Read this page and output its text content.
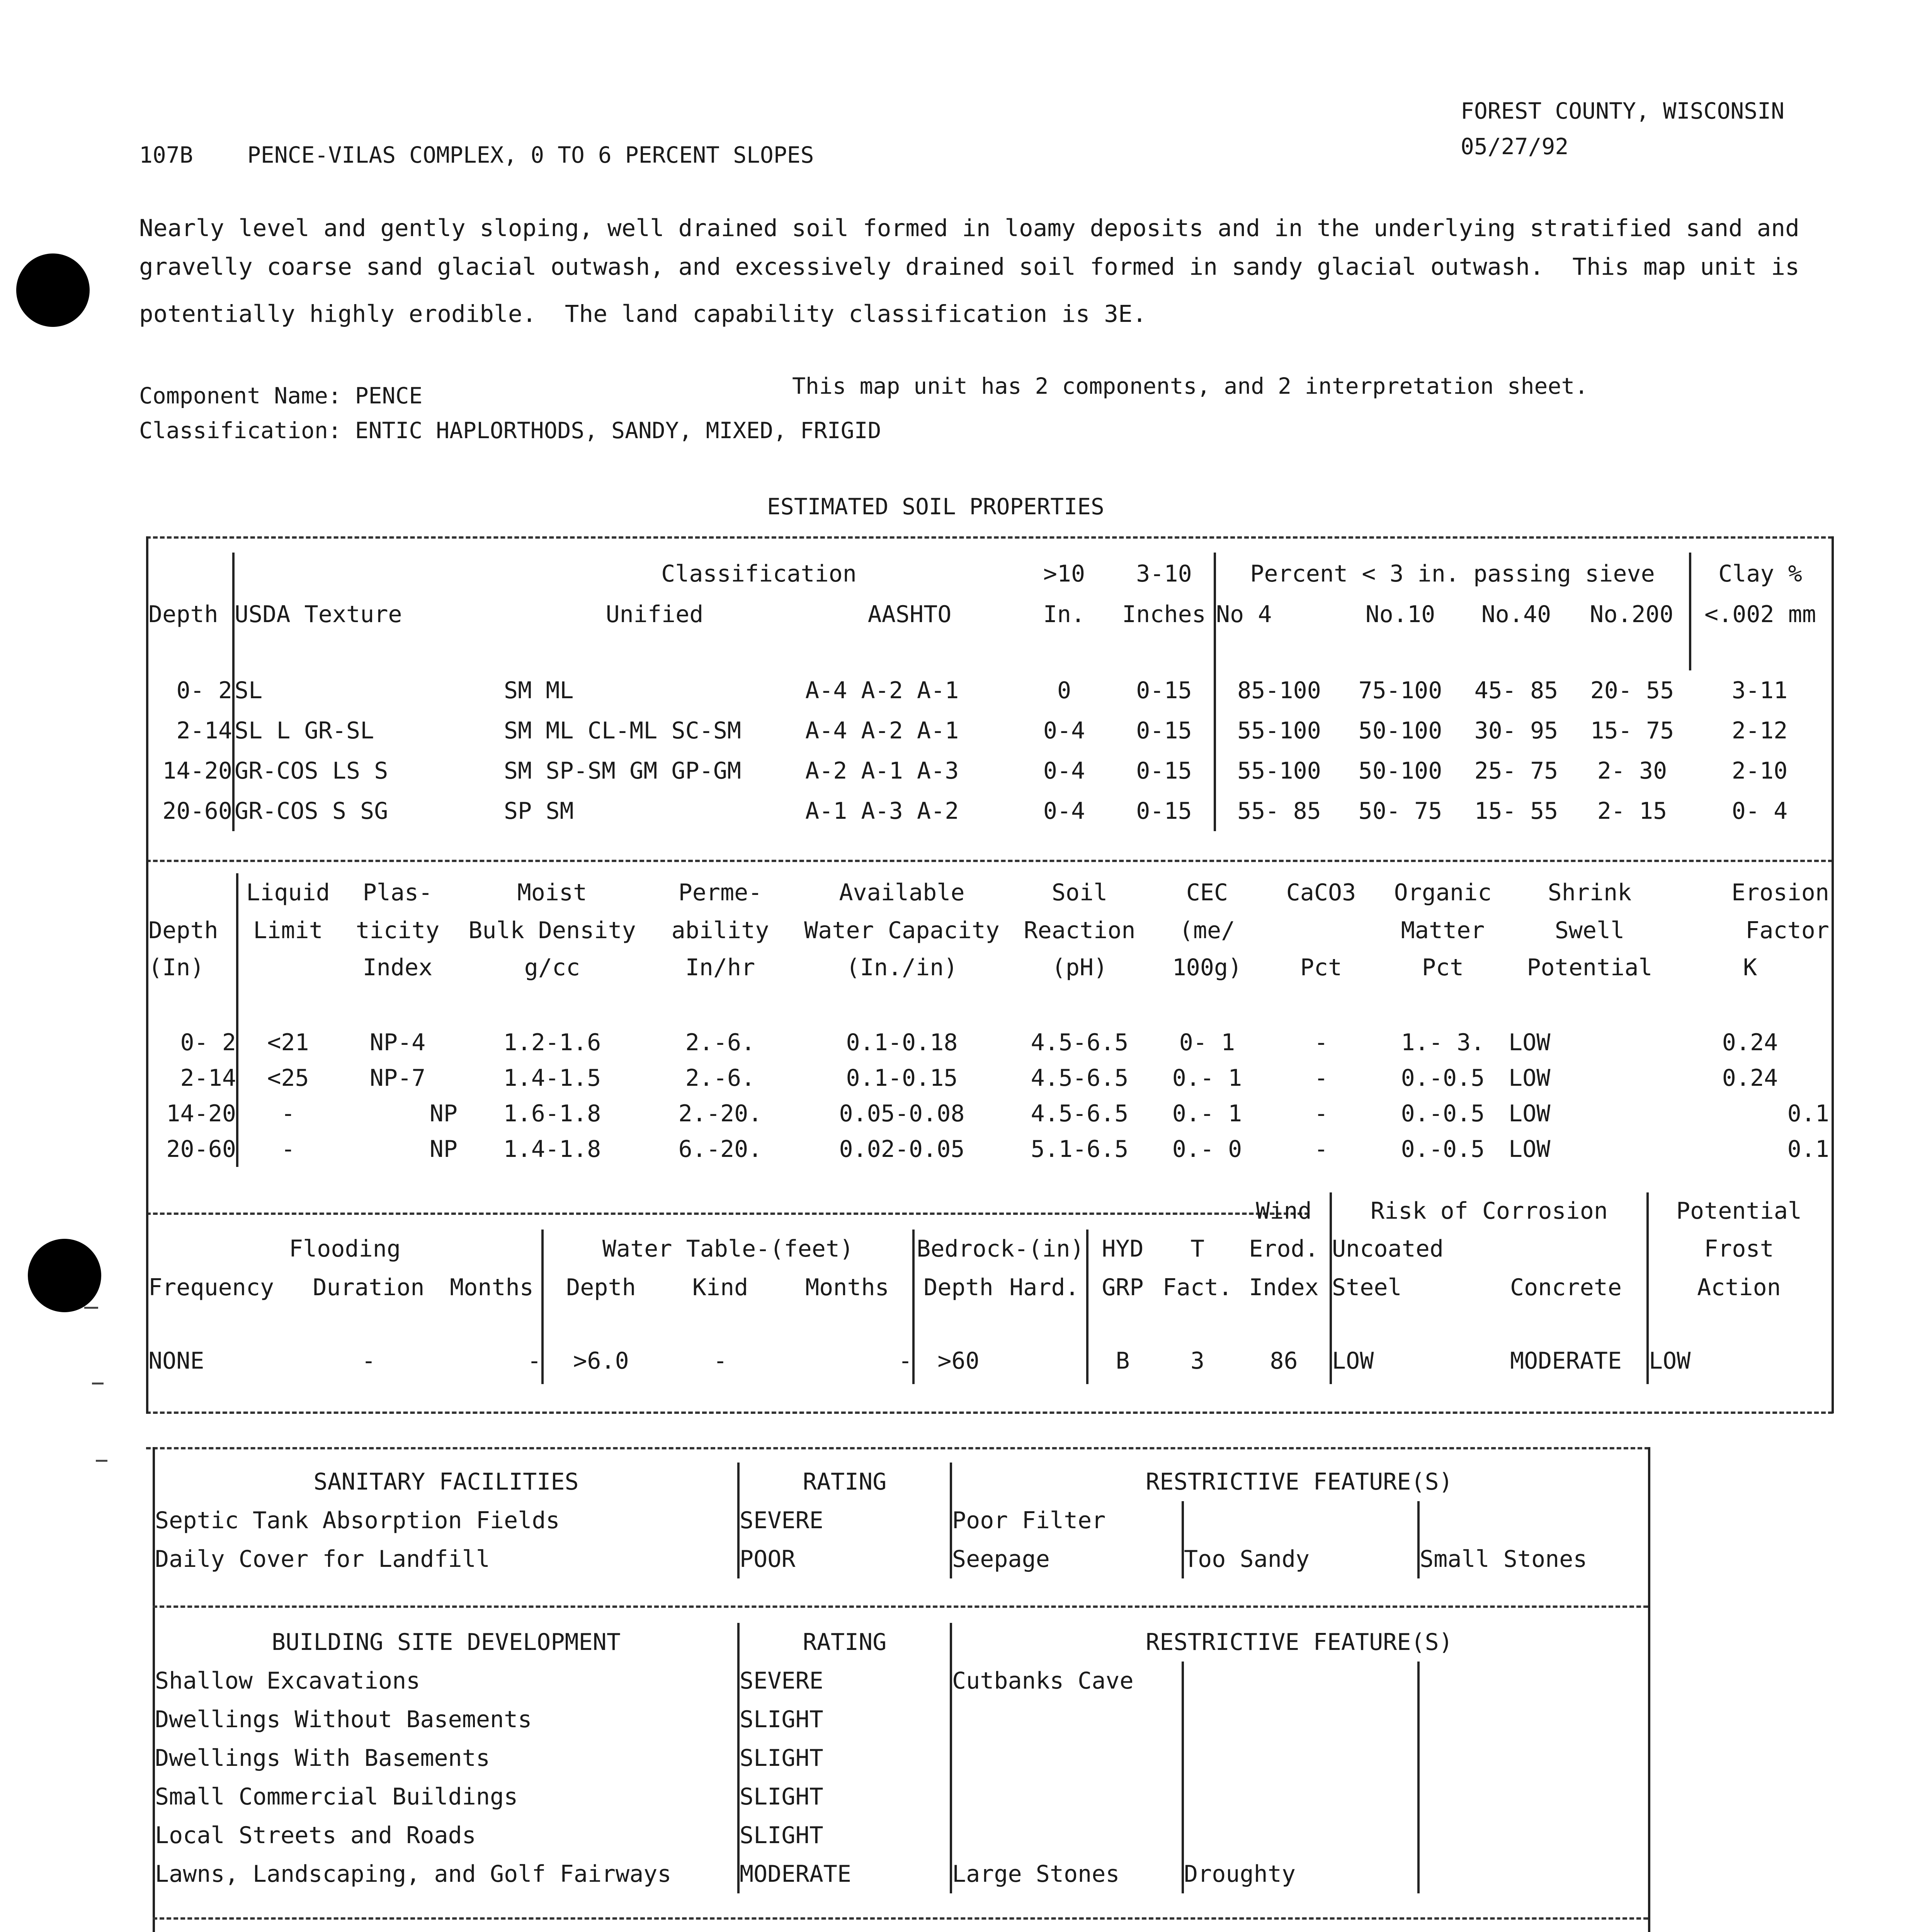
FOREST COUNTY, WISCONSIN
05/27/92
107B PENCE-VILAS COMPLEX, 0 TO 6 PERCENT SLOPES
Nearly level and gently sloping, well drained soil formed in loamy deposits and in the underlying stratified sand and
gravelly coarse sand glacial outwash, and excessively drained soil formed in sandy glacial outwash.  This map unit is
potentially highly erodible.  The land capability classification is 3E.
Component Name: PENCE	This map unit has 2 components, and 2 interpretation sheet.
Classification: ENTIC HAPLORTHODS, SANDY, MIXED, FRIGID
ESTIMATED SOIL PROPERTIES
		Classification		>10	3-10	Percent < 3 in. passing sieve				Clay %
Depth	USDA Texture	Unified	AASHTO	In.	Inches	No 4	No.10	No.40	No.200	<.002 mm

0- 2	SL	SM ML	A-4 A-2 A-1	0	0-15	85-100	75-100	45- 85	20- 55	3-11
2-14	SL L GR-SL	SM ML CL-ML SC-SM	A-4 A-2 A-1	0-4	0-15	55-100	50-100	30- 95	15- 75	2-12
14-20	GR-COS LS S	SM SP-SM GM GP-GM	A-2 A-1 A-3	0-4	0-15	55-100	50-100	25- 75	2- 30	2-10
20-60	GR-COS S SG	SP SM	A-1 A-3 A-2	0-4	0-15	55- 85	50- 75	15- 55	2- 15	0- 4
	Liquid	Plas-	Moist	Perme-	Available	Soil	CEC	CaCO3	Organic	Shrink	Erosion
Depth	Limit	ticity	Bulk Density	ability	Water Capacity	Reaction	(me/		Matter	Swell	Factor
(In)		Index	g/cc	In/hr	(In./in)	(pH)	100g)	Pct	Pct	Potential	K

0- 2	<21	NP-4	1.2-1.6	2.-6.	0.1-0.18	4.5-6.5	0- 1	-	1.- 3.	LOW	0.24
2-14	<25	NP-7	1.4-1.5	2.-6.	0.1-0.15	4.5-6.5	0.- 1	-	0.-0.5	LOW	0.24
14-20	-	NP	1.6-1.8	2.-20.	0.05-0.08	4.5-6.5	0.- 1	-	0.-0.5	LOW	0.1
20-60	-	NP	1.4-1.8	6.-20.	0.02-0.05	5.1-6.5	0.- 0	-	0.-0.5	LOW	0.1
										Wind	Risk of Corrosion		Potential
Flooding			Water Table-(feet)			Bedrock-(in)		HYD	T	Erod.	Uncoated		Frost
Frequency	Duration	Months	Depth	Kind	Months	Depth	Hard.	GRP	Fact.	Index	Steel	Concrete	Action

NONE	-	-	>6.0	-	-	>60		B	3	86	LOW	MODERATE	LOW
SANITARY FACILITIES	RATING	RESTRICTIVE FEATURE(S)		
Septic Tank Absorption Fields	SEVERE	Poor Filter		
Daily Cover for Landfill	POOR	Seepage	Too Sandy	Small Stones
BUILDING SITE DEVELOPMENT	RATING	RESTRICTIVE FEATURE(S)		
Shallow Excavations	SEVERE	Cutbanks Cave		
Dwellings Without Basements	SLIGHT			
Dwellings With Basements	SLIGHT			
Small Commercial Buildings	SLIGHT			
Local Streets and Roads	SLIGHT			
Lawns, Landscaping, and Golf Fairways	MODERATE	Large Stones	Droughty	
